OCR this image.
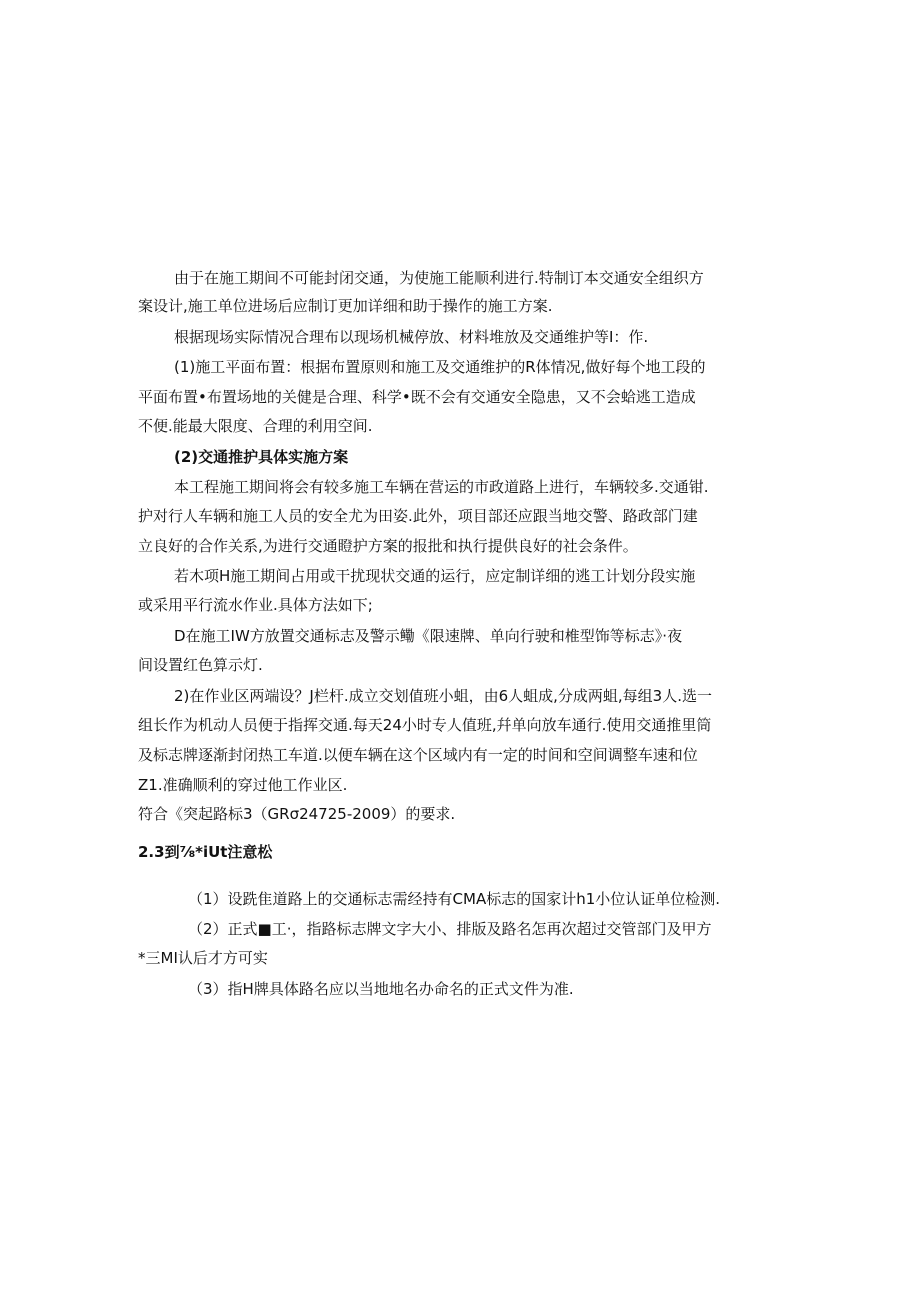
由于在施工期间不可能封闭交通，为使施工能顺利进行.特制订本交通安全组织方
案设计,施工单位进场后应制订更加详细和助于操作的施工方案.
根据现场实际情况合理布以现场机械停放、材料堆放及交通维护等I：作.
(1)施工平面布置：根据布置原则和施工及交通维护的R体情况,做好每个地工段的
平面布置•布置场地的关健是合理、科学•既不会有交通安全隐患，又不会蛤逃工造成
不便.能最大限度、合理的利用空间.
(2)交通推护具体实施方案
本工程施工期间将会有较多施工车辆在营运的市政道路上进行，车辆较多.交通钳.
护对行人车辆和施工人员的安全尤为田姿.此外，项目部还应跟当地交警、路政部门建
立良好的合作关系,为进行交通瞪护方案的报批和执行提供良好的社会条件。
若木项H施工期间占用或干扰现状交通的运行，应定制详细的逃工计划分段实施
或采用平行流水作业.具体方法如下;
D在施工IW方放置交通标志及警示鳓《限速牌、单向行驶和椎型饰等标志》·夜
间设置红色算示灯.
2)在作业区两端设？J栏杆.成立交划值班小蛆，由6人蛆成,分成两蛆,每组3人.选一
组长作为机动人员便于指挥交通.每天24小时专人值班,幷单向放车通行.使用交通推里筒
及标志牌逐渐封闭热工车道.以便车辆在这个区域内有一定的时间和空间调整车速和位
Z1.准确顺利的穿过他工作业区.
符合《突起路标3（GRσ24725-2009）的要求.
2.3到⅞*iUt注意松
（1）设跣隹道路上的交通标志需经持有CMA标志的国家计h1小位认证单位检测.
（2）正式■工·，指路标志牌文字大小、排版及路名怎再次超过交管部门及甲方
*三MI认后才方可实
（3）指H牌具体路名应以当地地名办命名的正式文件为准.
